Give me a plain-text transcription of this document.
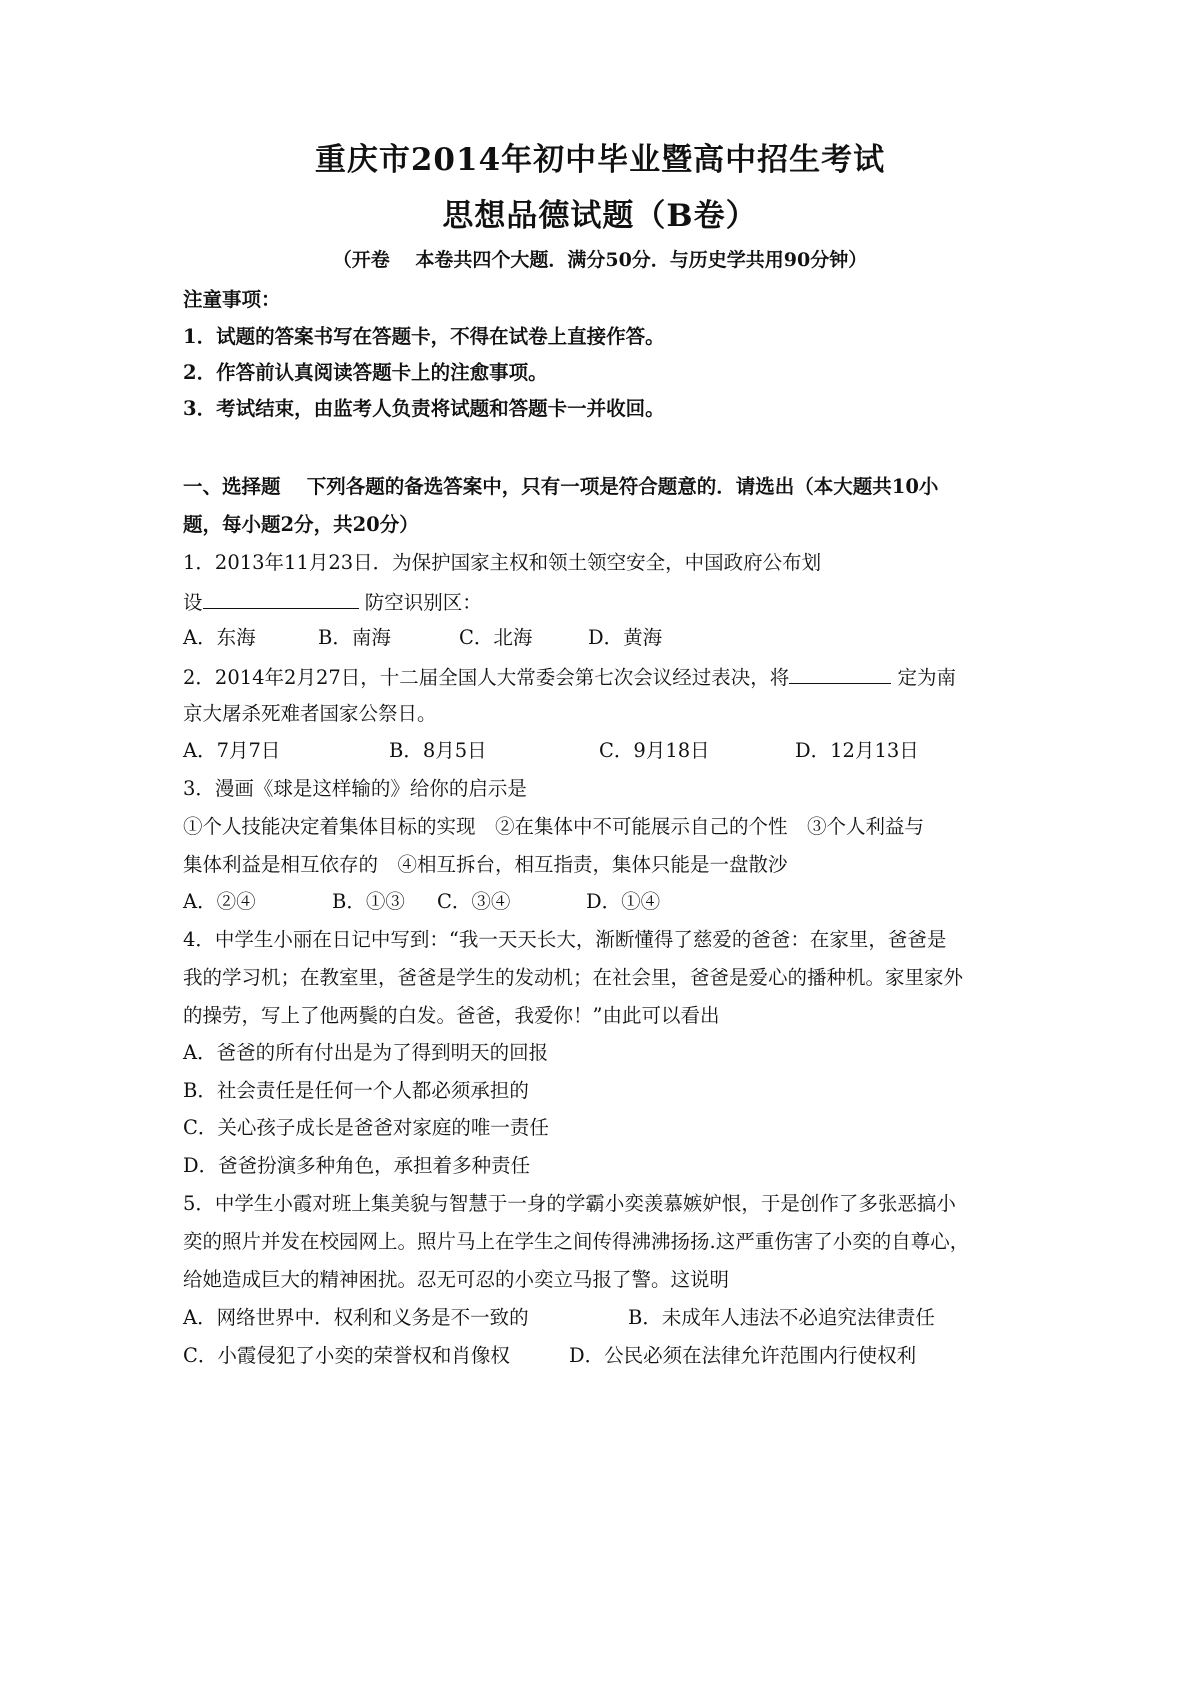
重庆市2014年初中毕业暨高中招生考试
思想品德试题（B卷）
（开卷　 本卷共四个大题．满分50分．与历史学共用90分钟）
注童事项：
1．试题的答案书写在答题卡，不得在试卷上直接作答。
2．作答前认真阅读答题卡上的注愈事项。
3．考试结束，由监考人负责将试题和答题卡一并收回。
一、选择题　 下列各题的备选答案中，只有一项是符合题意的．请选出（本大题共10小
题，每小题2分，共20分）
1．2013年11月23日．为保护国家主权和领土领空安全，中国政府公布划
设	防空识别区：
A．东海	B．南海	C．北海	D．黄海
2．2014年2月27日，十二届全国人大常委会第七次会议经过表决，将	定为南
京大屠杀死难者国家公祭日。
A．7月7日	B．8月5日	C．9月18日	D．12月13日
3．漫画《球是这样输的》给你的启示是
①个人技能决定着集体目标的实现　②在集体中不可能展示自己的个性　③个人利益与
集体利益是相互依存的　④相互拆台，相互指责，集体只能是一盘散沙
A．②④	B．①③ C．③④	D．①④
4．中学生小丽在日记中写到：“我一天天长大，渐断懂得了慈爱的爸爸：在家里，爸爸是
我的学习机；在教室里，爸爸是学生的发动机；在社会里，爸爸是爱心的播种机。家里家外
的操劳，写上了他两鬓的白发。爸爸，我爱你！”由此可以看出
A．爸爸的所有付出是为了得到明天的回报
B．社会责任是任何一个人都必须承担的
C．关心孩子成长是爸爸对家庭的唯一责任
D．爸爸扮演多种角色，承担着多种责任
5．中学生小霞对班上集美貌与智慧于一身的学霸小奕羡慕嫉妒恨，于是创作了多张恶搞小
奕的照片并发在校园网上。照片马上在学生之间传得沸沸扬扬.这严重伤害了小奕的自尊心，
给她造成巨大的精神困扰。忍无可忍的小奕立马报了警。这说明
A．网络世界中．权利和义务是不一致的	B．未成年人违法不必追究法律责任
C．小霞侵犯了小奕的荣誉权和肖像权	D．公民必须在法律允许范围内行使权利
